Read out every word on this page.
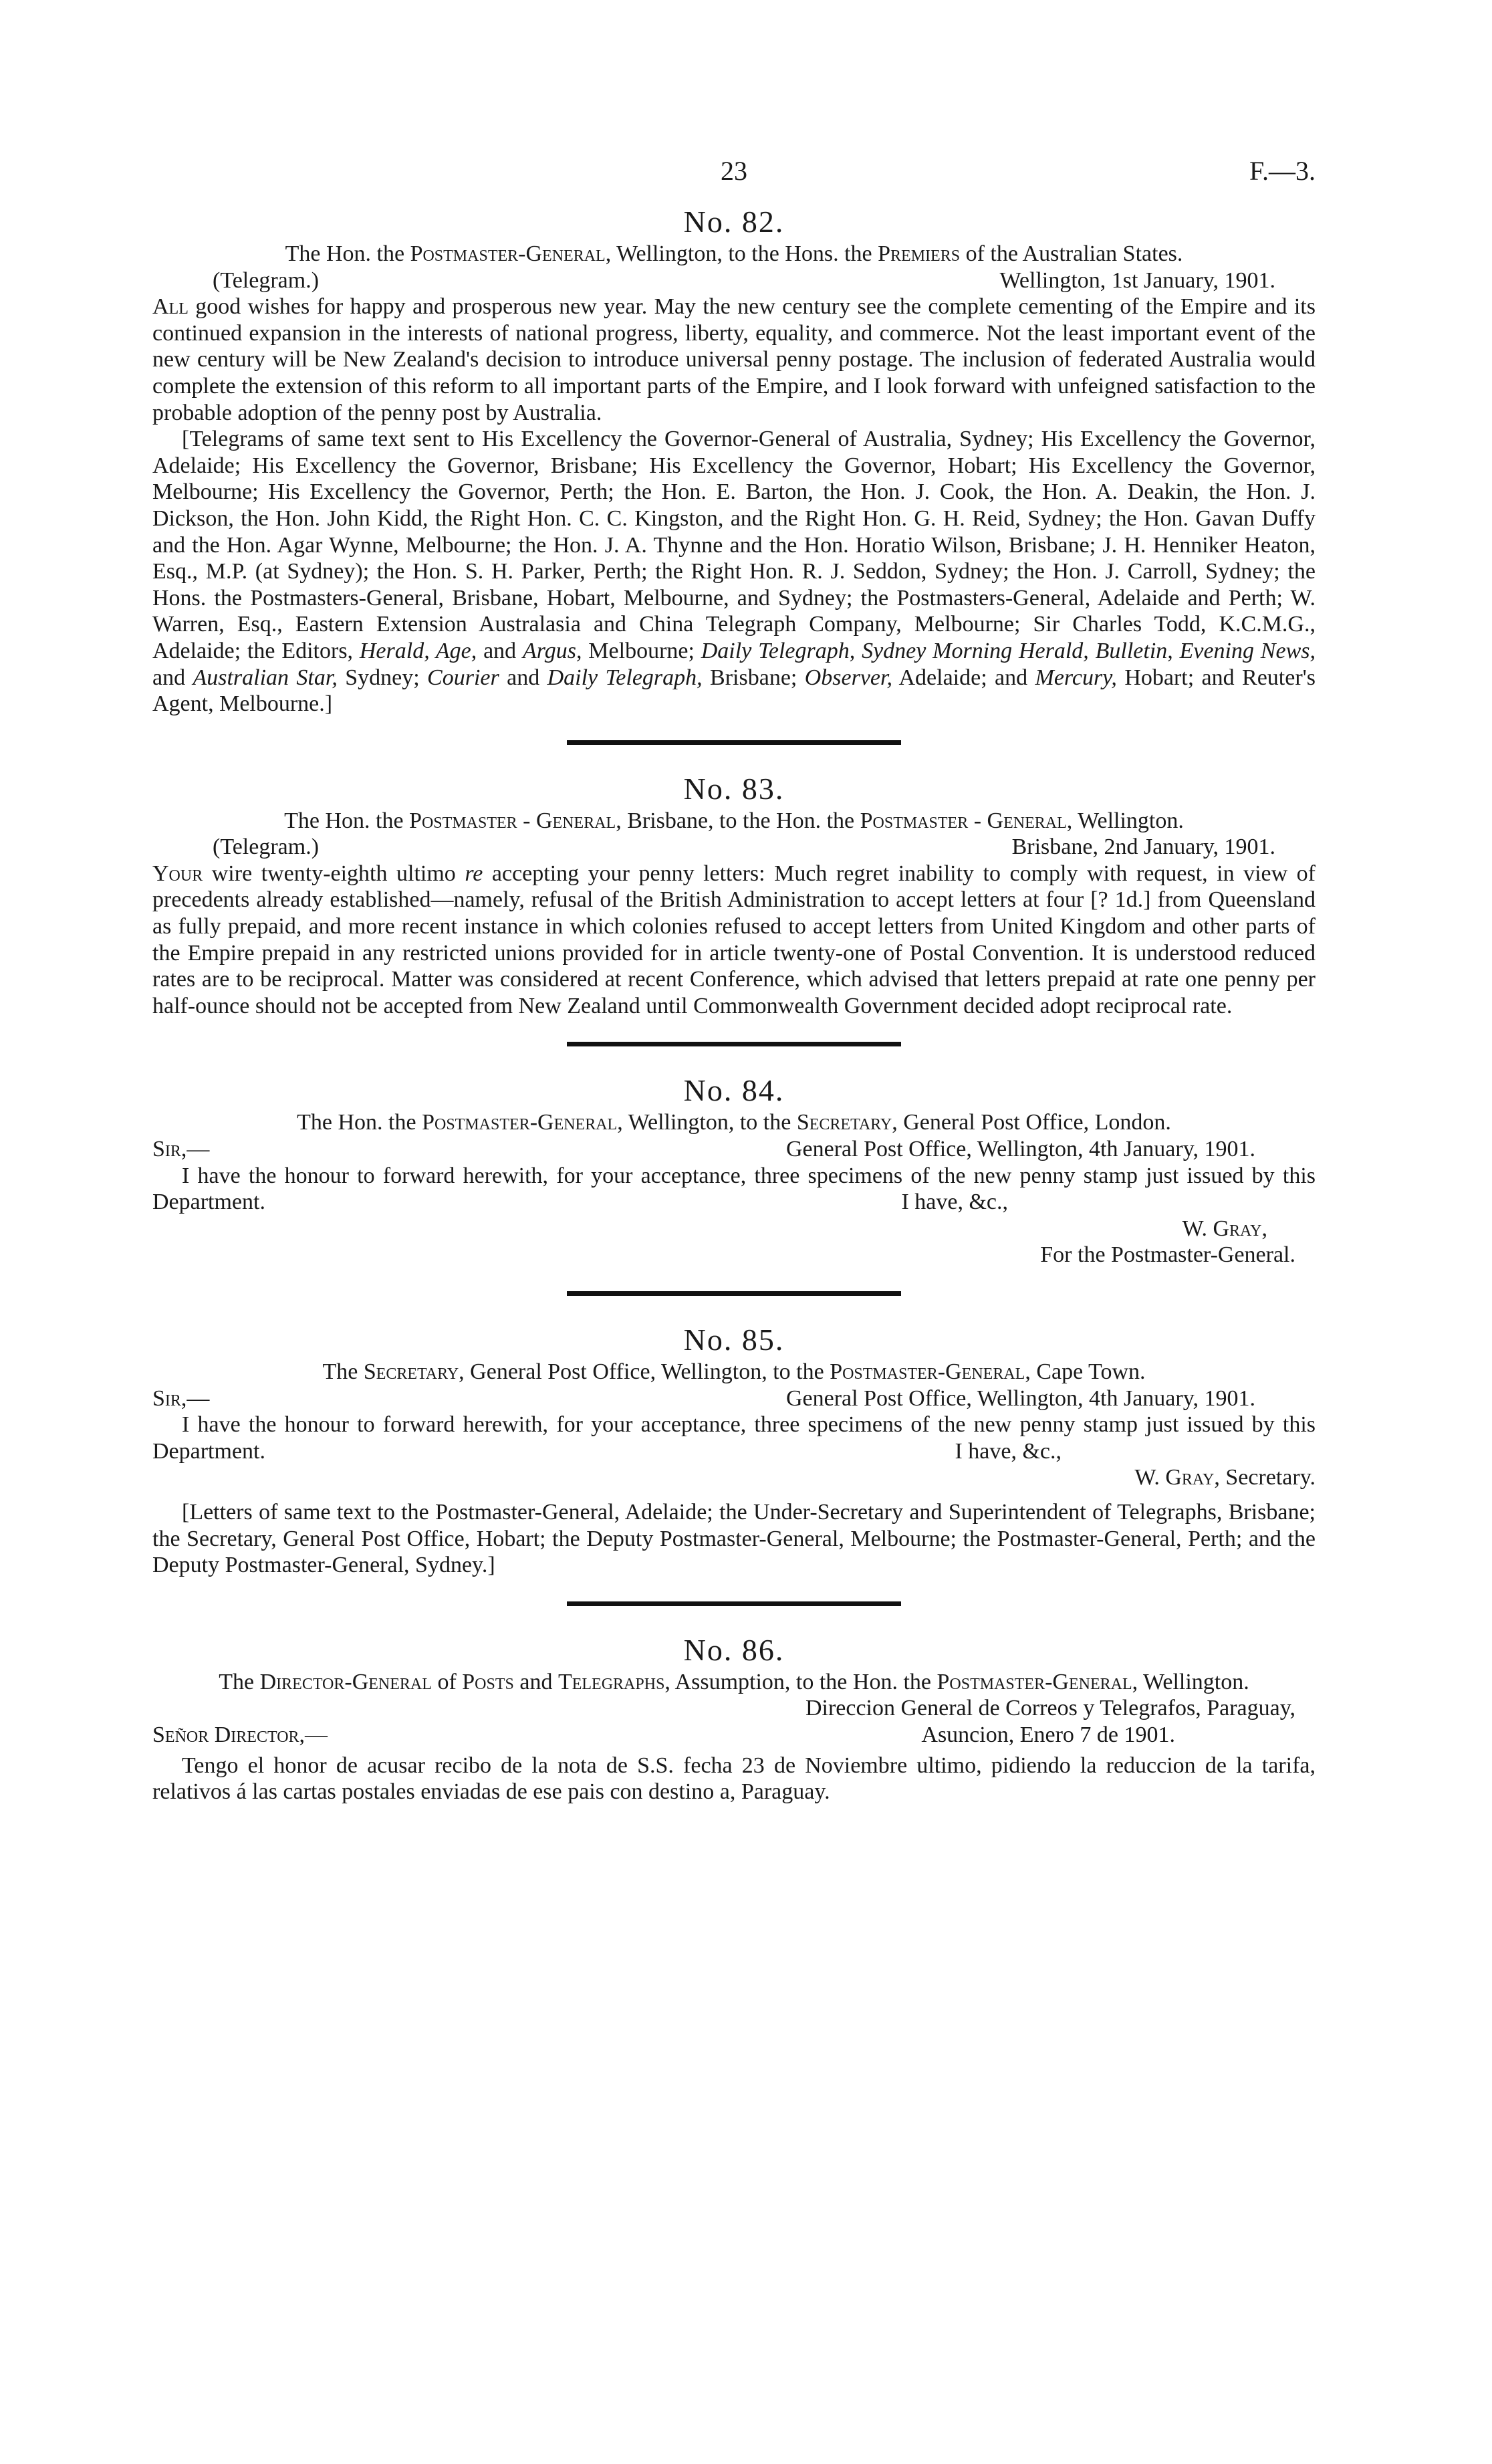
23	F.—3.
No. 82.
The Hon. the Postmaster-General, Wellington, to the Hons. the Premiers of the Australian States.
(Telegram.)	Wellington, 1st January, 1901.

All good wishes for happy and prosperous new year. May the new century see the complete cementing of the Empire and its continued expansion in the interests of national progress, liberty, equality, and commerce. Not the least important event of the new century will be New Zealand's decision to introduce universal penny postage. The inclusion of federated Australia would complete the extension of this reform to all important parts of the Empire, and I look forward with unfeigned satisfaction to the probable adoption of the penny post by Australia.

[Telegrams of same text sent to His Excellency the Governor-General of Australia, Sydney; His Excellency the Governor, Adelaide; His Excellency the Governor, Brisbane; His Excellency the Governor, Hobart; His Excellency the Governor, Melbourne; His Excellency the Governor, Perth; the Hon. E. Barton, the Hon. J. Cook, the Hon. A. Deakin, the Hon. J. Dickson, the Hon. John Kidd, the Right Hon. C. C. Kingston, and the Right Hon. G. H. Reid, Sydney; the Hon. Gavan Duffy and the Hon. Agar Wynne, Melbourne; the Hon. J. A. Thynne and the Hon. Horatio Wilson, Brisbane; J. H. Henniker Heaton, Esq., M.P. (at Sydney); the Hon. S. H. Parker, Perth; the Right Hon. R. J. Seddon, Sydney; the Hon. J. Carroll, Sydney; the Hons. the Postmasters-General, Brisbane, Hobart, Melbourne, and Sydney; the Postmasters-General, Adelaide and Perth; W. Warren, Esq., Eastern Extension Australasia and China Telegraph Company, Melbourne; Sir Charles Todd, K.C.M.G., Adelaide; the Editors, Herald, Age, and Argus, Melbourne; Daily Telegraph, Sydney Morning Herald, Bulletin, Evening News, and Australian Star, Sydney; Courier and Daily Telegraph, Brisbane; Observer, Adelaide; and Mercury, Hobart; and Reuter's Agent, Melbourne.]

No. 83.
The Hon. the Postmaster - General, Brisbane, to the Hon. the Postmaster - General, Wellington.
(Telegram.)	Brisbane, 2nd January, 1901.

Your wire twenty-eighth ultimo re accepting your penny letters: Much regret inability to comply with request, in view of precedents already established—namely, refusal of the British Administration to accept letters at four [? 1d.] from Queensland as fully prepaid, and more recent instance in which colonies refused to accept letters from United Kingdom and other parts of the Empire prepaid in any restricted unions provided for in article twenty-one of Postal Convention. It is understood reduced rates are to be reciprocal. Matter was considered at recent Conference, which advised that letters prepaid at rate one penny per half-ounce should not be accepted from New Zealand until Commonwealth Government decided adopt reciprocal rate.

No. 84.
The Hon. the Postmaster-General, Wellington, to the Secretary, General Post Office, London.
Sir,—	General Post Office, Wellington, 4th January, 1901.

I have the honour to forward herewith, for your acceptance, three specimens of the new penny stamp just issued by this Department.	I have, &c.,
W. Gray,
For the Postmaster-General.
No. 85.
The Secretary, General Post Office, Wellington, to the Postmaster-General, Cape Town.
Sir,—	General Post Office, Wellington, 4th January, 1901.

I have the honour to forward herewith, for your acceptance, three specimens of the new penny stamp just issued by this Department.	I have, &c.,
W. Gray, Secretary.

[Letters of same text to the Postmaster-General, Adelaide; the Under-Secretary and Superintendent of Telegraphs, Brisbane; the Secretary, General Post Office, Hobart; the Deputy Postmaster-General, Melbourne; the Postmaster-General, Perth; and the Deputy Postmaster-General, Sydney.]

No. 86.
The Director-General of Posts and Telegraphs, Assumption, to the Hon. the Postmaster-General, Wellington.
Direccion General de Correos y Telegrafos, Paraguay,
Señor Director,—	Asuncion, Enero 7 de 1901.

Tengo el honor de acusar recibo de la nota de S.S. fecha 23 de Noviembre ultimo, pidiendo la reduccion de la tarifa, relativos á las cartas postales enviadas de ese pais con destino a, Paraguay.
